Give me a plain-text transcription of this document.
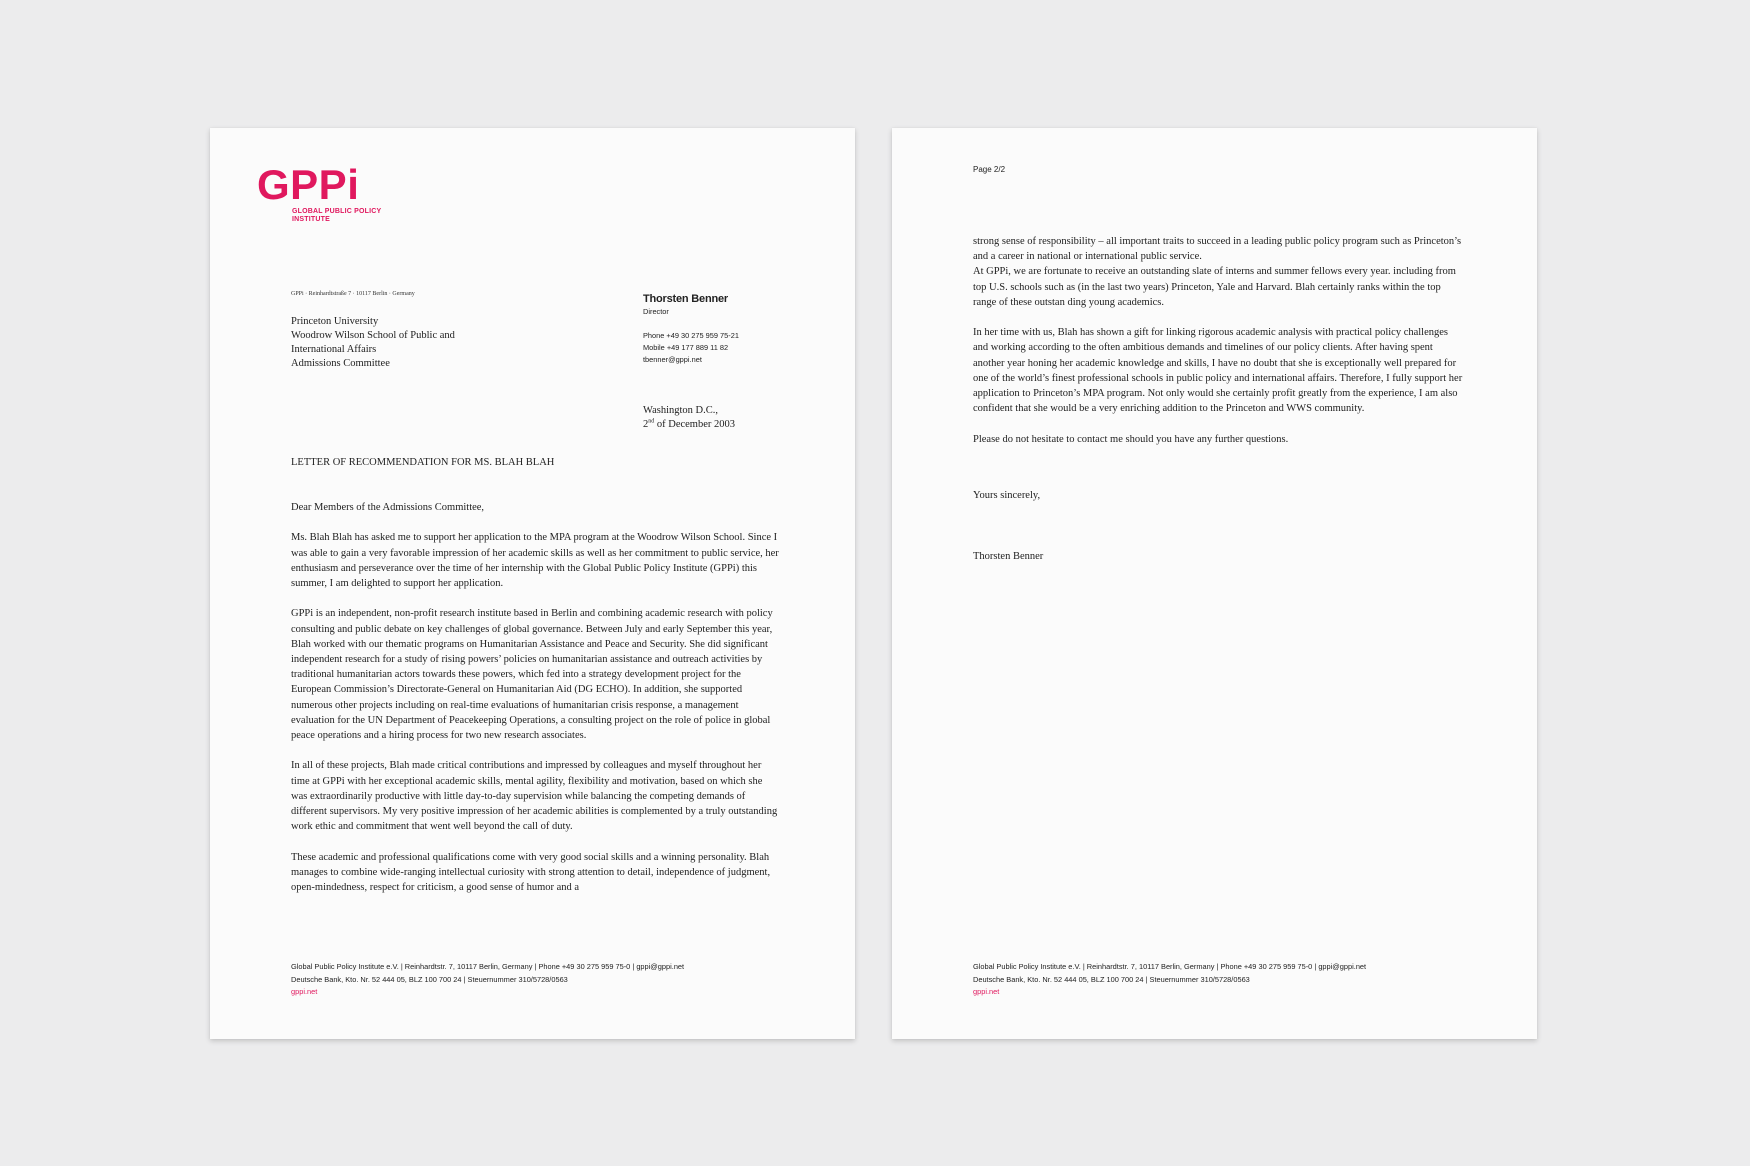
GPPi
GLOBAL PUBLIC POLICY
INSTITUTE
GPPi · Reinhardtstraße 7 · 10117 Berlin · Germany
Princeton University
Woodrow Wilson School of Public and
International Affairs
Admissions Committee
Thorsten Benner
Director
Phone +49 30 275 959 75-21
Mobile +49 177 889 11 82
tbenner@gppi.net
Washington D.C.,
2nd of December 2003
LETTER OF RECOMMENDATION FOR MS. BLAH BLAH

Dear Members of the Admissions Committee,

Ms. Blah Blah has asked me to support her application to the MPA program at the Woodrow Wilson School. Since I was able to gain a very favorable impression of her academic skills as well as her commitment to public service, her enthusiasm and perseverance over the time of her internship with the Global Public Policy Institute (GPPi) this summer, I am delighted to support her application.

GPPi is an independent, non-profit research institute based in Berlin and combining academic research with policy consulting and public debate on key challenges of global governance. Between July and early September this year, Blah worked with our thematic programs on Humanitarian Assistance and Peace and Security. She did significant independent research for a study of rising powers’ policies on humanitarian assistance and outreach activities by traditional humanitarian actors towards these powers, which fed into a strategy development project for the European Commission’s Directorate-General on Humanitarian Aid (DG ECHO). In addition, she supported numerous other projects including on real-time evaluations of humanitarian crisis response, a management evaluation for the UN Department of Peacekeeping Operations, a consulting project on the role of police in global peace operations and a hiring process for two new research associates.

In all of these projects, Blah made critical contributions and impressed by colleagues and myself throughout her time at GPPi with her exceptional academic skills, mental agility, flexibility and motivation, based on which she was extraordinarily productive with little day-to-day supervision while balancing the competing demands of different supervisors. My very positive impression of her academic abilities is complemented by a truly outstanding work ethic and commitment that went well beyond the call of duty.

These academic and professional qualifications come with very good social skills and a winning personality. Blah manages to combine wide-ranging intellectual curiosity with strong attention to detail, independence of judgment, open-mindedness, respect for criticism, a good sense of humor and a

Global Public Policy Institute e.V. | Reinhardtstr. 7, 10117 Berlin, Germany | Phone +49 30 275 959 75-0 | gppi@gppi.net
Deutsche Bank, Kto. Nr. 52 444 05, BLZ 100 700 24 | Steuernummer 310/5728/0563
gppi.net
Page 2/2

strong sense of responsibility – all important traits to succeed in a leading public policy program such as Princeton’s and a career in national or international public service.
At GPPi, we are fortunate to receive an outstanding slate of interns and summer fellows every year. including from top U.S. schools such as (in the last two years) Princeton, Yale and Harvard. Blah certainly ranks within the top range of these outstan ding young academics.

In her time with us, Blah has shown a gift for linking rigorous academic analysis with practical policy challenges and working according to the often ambitious demands and timelines of our policy clients. After having spent another year honing her academic knowledge and skills, I have no doubt that she is exceptionally well prepared for one of the world’s finest professional schools in public policy and international affairs. Therefore, I fully support her application to Princeton’s MPA program. Not only would she certainly profit greatly from the experience, I am also confident that she would be a very enriching addition to the Princeton and WWS community.

Please do not hesitate to contact me should you have any further questions.

Yours sincerely,
Thorsten Benner
Global Public Policy Institute e.V. | Reinhardtstr. 7, 10117 Berlin, Germany | Phone +49 30 275 959 75-0 | gppi@gppi.net
Deutsche Bank, Kto. Nr. 52 444 05, BLZ 100 700 24 | Steuernummer 310/5728/0563
gppi.net
